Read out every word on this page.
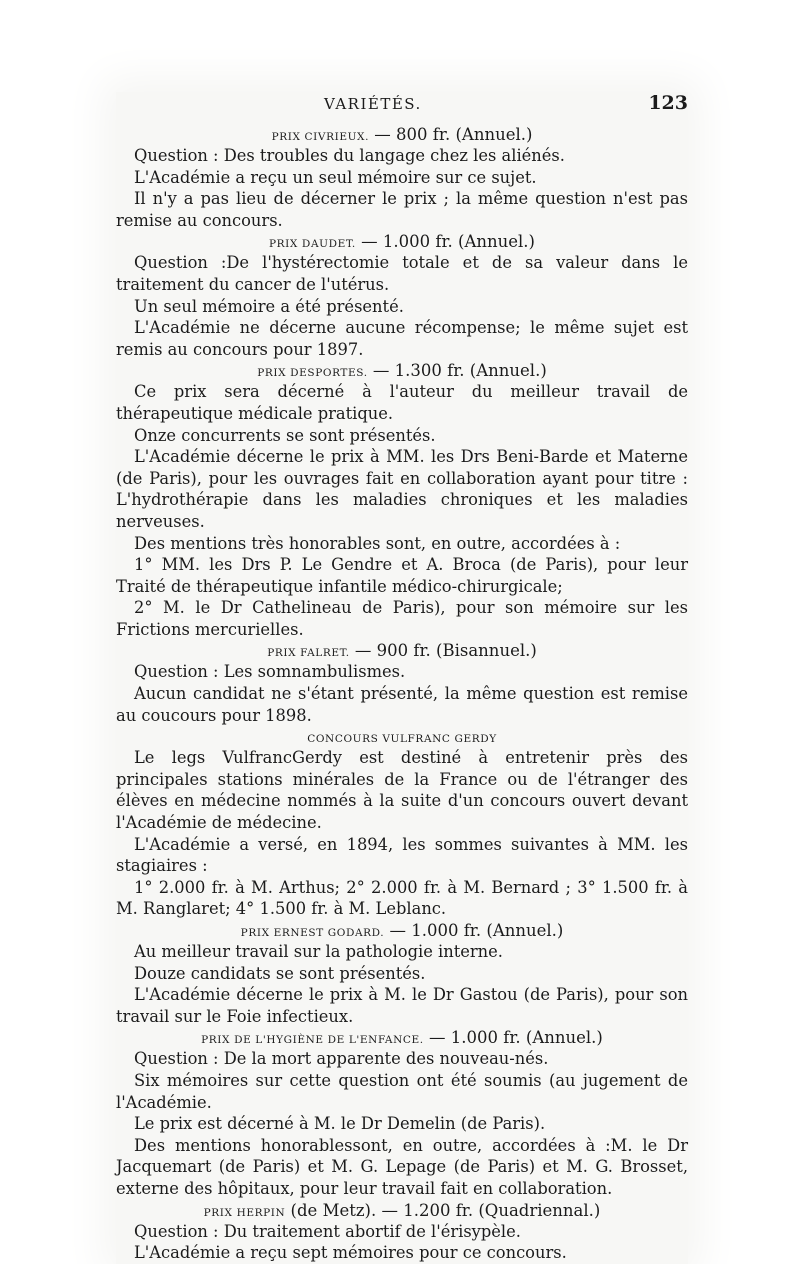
VARIÉTÉS.	123
PRIX CIVRIEUX. — 800 fr. (Annuel.)

Question : Des troubles du langage chez les aliénés.

L'Académie a reçu un seul mémoire sur ce sujet.

Il n'y a pas lieu de décerner le prix ; la même question n'est pas remise au concours.

PRIX DAUDET. — 1.000 fr. (Annuel.)

Question :De l'hystérectomie totale et de sa valeur dans le traitement du cancer de l'utérus.

Un seul mémoire a été présenté.

L'Académie ne décerne aucune récompense; le même sujet est remis au concours pour 1897.

PRIX DESPORTES. — 1.300 fr. (Annuel.)

Ce prix sera décerné à l'auteur du meilleur travail de thérapeutique médicale pratique.

Onze concurrents se sont présentés.

L'Académie décerne le prix à MM. les Drs Beni-Barde et Materne (de Paris), pour les ouvrages fait en collaboration ayant pour titre : L'hydrothérapie dans les maladies chroniques et les maladies nerveuses.

Des mentions très honorables sont, en outre, accordées à :

1° MM. les Drs P. Le Gendre et A. Broca (de Paris), pour leur Traité de thérapeutique infantile médico-chirurgicale;

2° M. le Dr Cathelineau de Paris), pour son mémoire sur les Frictions mercurielles.

PRIX FALRET. — 900 fr. (Bisannuel.)

Question : Les somnambulismes.

Aucun candidat ne s'étant présenté, la même question est remise au coucours pour 1898.

CONCOURS VULFRANC GERDY

Le legs VulfrancGerdy est destiné à entretenir près des principales stations minérales de la France ou de l'étranger des élèves en médecine nommés à la suite d'un concours ouvert devant l'Académie de médecine.

L'Académie a versé, en 1894, les sommes suivantes à MM. les stagiaires :

1° 2.000 fr. à M. Arthus; 2° 2.000 fr. à M. Bernard ; 3° 1.500 fr. à M. Ranglaret; 4° 1.500 fr. à M. Leblanc.

PRIX ERNEST GODARD. — 1.000 fr. (Annuel.)

Au meilleur travail sur la pathologie interne.

Douze candidats se sont présentés.

L'Académie décerne le prix à M. le Dr Gastou (de Paris), pour son travail sur le Foie infectieux.

PRIX DE L'HYGIÈNE DE L'ENFANCE. — 1.000 fr. (Annuel.)

Question : De la mort apparente des nouveau-nés.

Six mémoires sur cette question ont été soumis (au jugement de l'Académie.

Le prix est décerné à M. le Dr Demelin (de Paris).

Des mentions honorablessont, en outre, accordées à :M. le Dr Jacquemart (de Paris) et M. G. Lepage (de Paris) et M. G. Brosset, externe des hôpitaux, pour leur travail fait en collaboration.

PRIX HERPIN (de Metz). — 1.200 fr. (Quadriennal.)

Question : Du traitement abortif de l'érisypèle.

L'Académie a reçu sept mémoires pour ce concours.
